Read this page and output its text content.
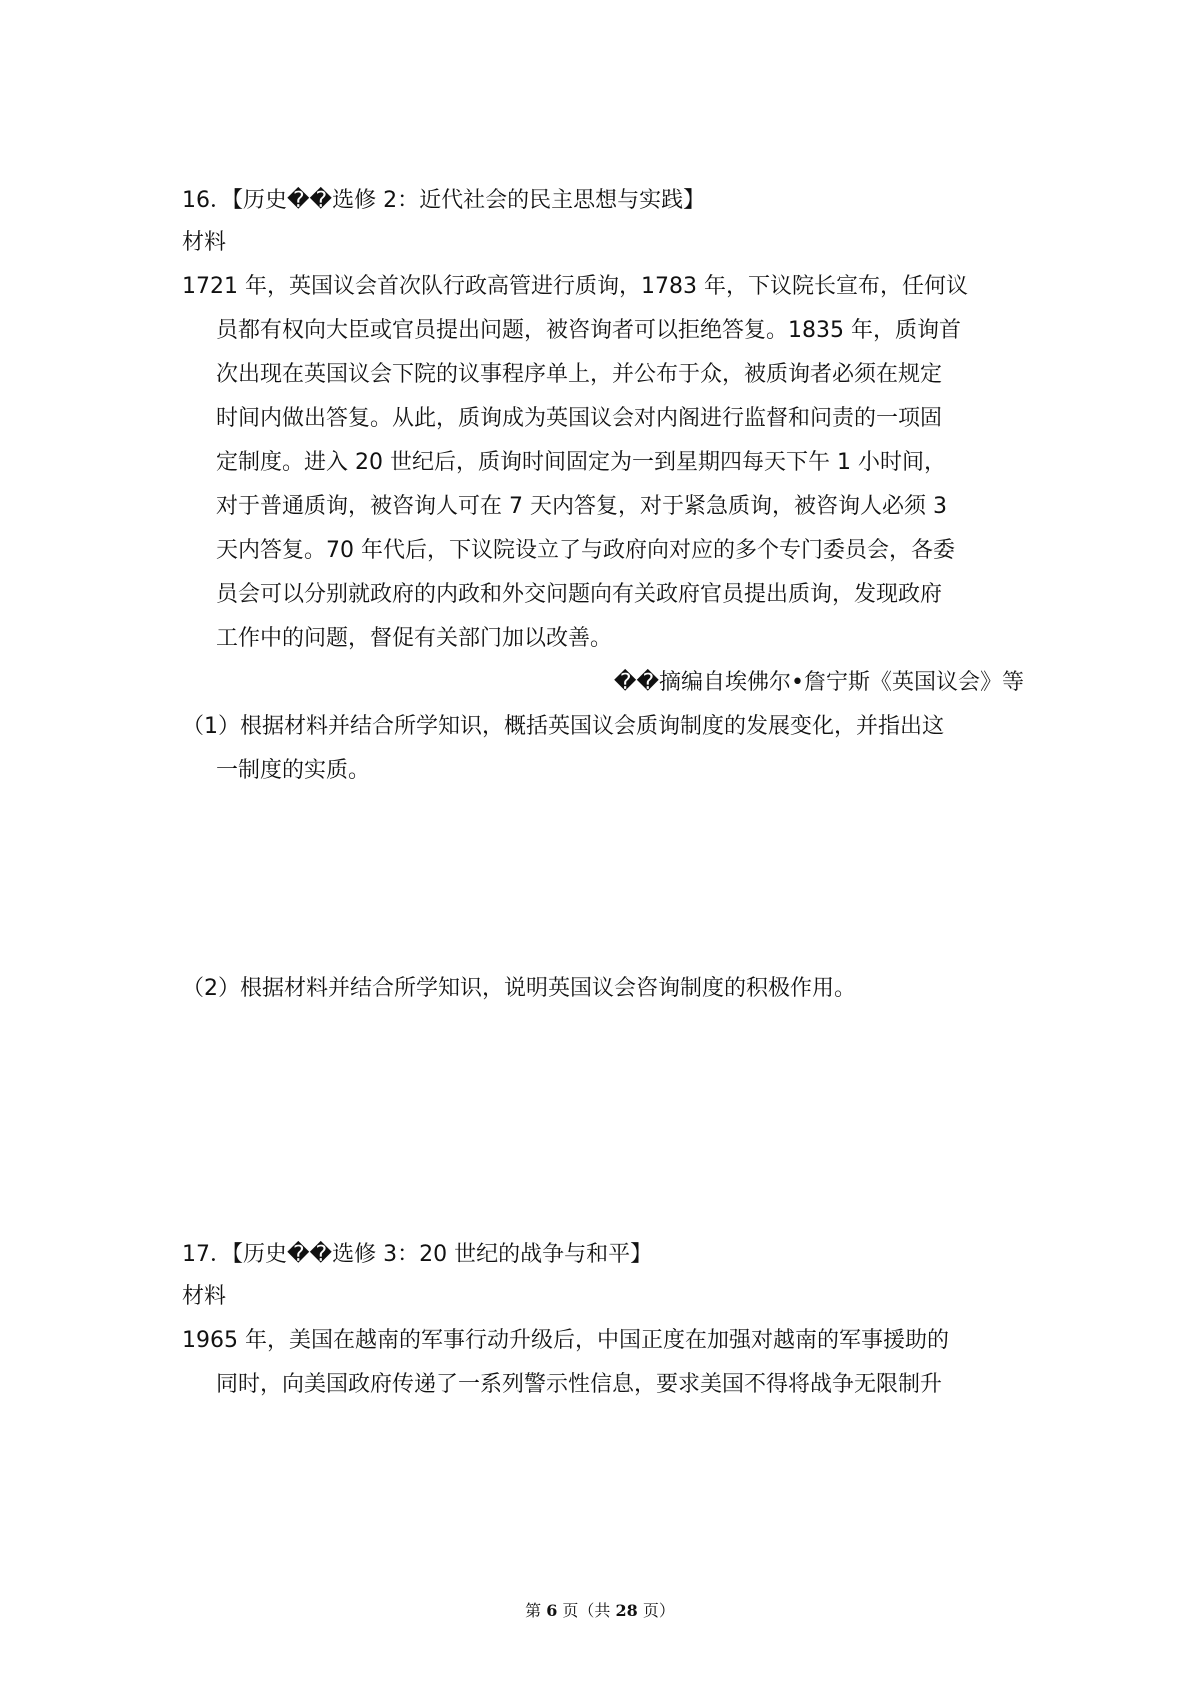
16．【历史��选修 2：近代社会的民主思想与实践】
材料
1721 年，英国议会首次队行政高管进行质询，1783 年，下议院长宣布，任何议
员都有权向大臣或官员提出问题，被咨询者可以拒绝答复。1835 年，质询首
次出现在英国议会下院的议事程序单上，并公布于众，被质询者必须在规定
时间内做出答复。从此，质询成为英国议会对内阁进行监督和问责的一项固
定制度。进入 20 世纪后，质询时间固定为一到星期四每天下午 1 小时间，
对于普通质询，被咨询人可在 7 天内答复，对于紧急质询，被咨询人必须 3
天内答复。70 年代后，下议院设立了与政府向对应的多个专门委员会，各委
员会可以分别就政府的内政和外交问题向有关政府官员提出质询，发现政府
工作中的问题，督促有关部门加以改善。
��摘编自埃佛尔•詹宁斯《英国议会》等
（1）根据材料并结合所学知识，概括英国议会质询制度的发展变化，并指出这
一制度的实质。
（2）根据材料并结合所学知识，说明英国议会咨询制度的积极作用。
17．【历史��选修 3：20 世纪的战争与和平】
材料
1965 年，美国在越南的军事行动升级后，中国正度在加强对越南的军事援助的
同时，向美国政府传递了一系列警示性信息，要求美国不得将战争无限制升
第 6 页（共 28 页）
